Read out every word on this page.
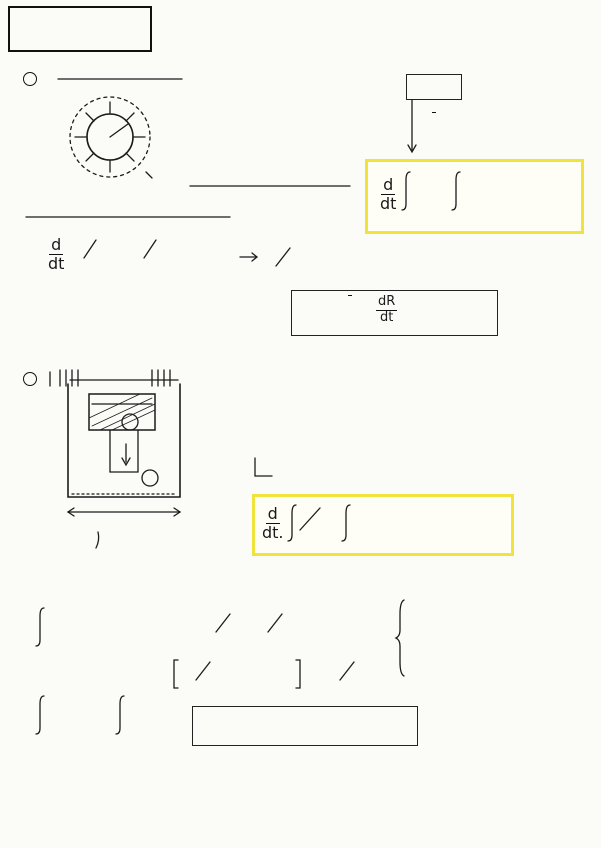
$\frac{d}{dt}$
$\frac{d}{dt}$
$\frac{dR}{dt}$
$\frac{d}{dt.}$
